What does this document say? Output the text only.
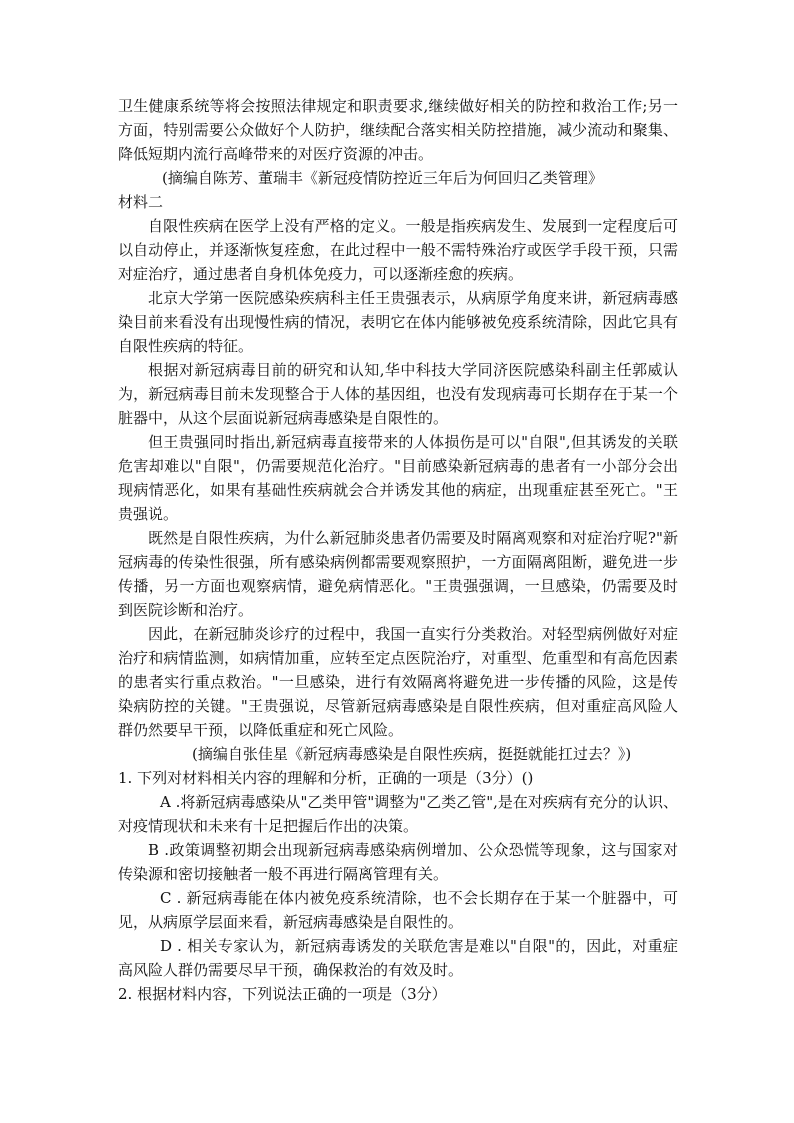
卫生健康系统等将会按照法律规定和职责要求,继续做好相关的防控和救治工作;另一方面，特别需要公众做好个人防护，继续配合落实相关防控措施，减少流动和聚集、降低短期内流行高峰带来的对医疗资源的冲击。

(摘编自陈芳、董瑞丰《新冠疫情防控近三年后为何回归乙类管理》

材料二

自限性疾病在医学上没有严格的定义。一般是指疾病发生、发展到一定程度后可以自动停止，并逐渐恢复痊愈，在此过程中一般不需特殊治疗或医学手段干预，只需对症治疗，通过患者自身机体免疫力，可以逐渐痊愈的疾病。

北京大学第一医院感染疾病科主任王贵强表示，从病原学角度来讲，新冠病毒感染目前来看没有出现慢性病的情况，表明它在体内能够被免疫系统清除，因此它具有自限性疾病的特征。

根据对新冠病毒目前的研究和认知,华中科技大学同济医院感染科副主任郭威认为，新冠病毒目前未发现整合于人体的基因组，也没有发现病毒可长期存在于某一个脏器中，从这个层面说新冠病毒感染是自限性的。

但王贵强同时指出,新冠病毒直接带来的人体损伤是可以"自限",但其诱发的关联危害却难以"自限"，仍需要规范化治疗。"目前感染新冠病毒的患者有一小部分会出现病情恶化，如果有基础性疾病就会合并诱发其他的病症，出现重症甚至死亡。"王贵强说。

既然是自限性疾病，为什么新冠肺炎患者仍需要及时隔离观察和对症治疗呢?"新冠病毒的传染性很强，所有感染病例都需要观察照护，一方面隔离阻断，避免进一步传播，另一方面也观察病情，避免病情恶化。"王贵强强调，一旦感染，仍需要及时到医院诊断和治疗。

因此，在新冠肺炎诊疗的过程中，我国一直实行分类救治。对轻型病例做好对症治疗和病情监测，如病情加重，应转至定点医院治疗，对重型、危重型和有高危因素的患者实行重点救治。"一旦感染，进行有效隔离将避免进一步传播的风险，这是传染病防控的关键。"王贵强说，尽管新冠病毒感染是自限性疾病，但对重症高风险人群仍然要早干预，以降低重症和死亡风险。

(摘编自张佳星《新冠病毒感染是自限性疾病，挺挺就能扛过去？》)

1. 下列对材料相关内容的理解和分析，正确的一项是（3分）()

A .将新冠病毒感染从"乙类甲管"调整为"乙类乙管",是在对疾病有充分的认识、对疫情现状和未来有十足把握后作出的决策。

B .政策调整初期会出现新冠病毒感染病例增加、公众恐慌等现象，这与国家对传染源和密切接触者一般不再进行隔离管理有关。

C . 新冠病毒能在体内被免疫系统清除，也不会长期存在于某一个脏器中，可见，从病原学层面来看，新冠病毒感染是自限性的。

D . 相关专家认为，新冠病毒诱发的关联危害是难以"自限"的，因此，对重症高风险人群仍需要尽早干预，确保救治的有效及时。

2. 根据材料内容，下列说法正确的一项是（3分）
